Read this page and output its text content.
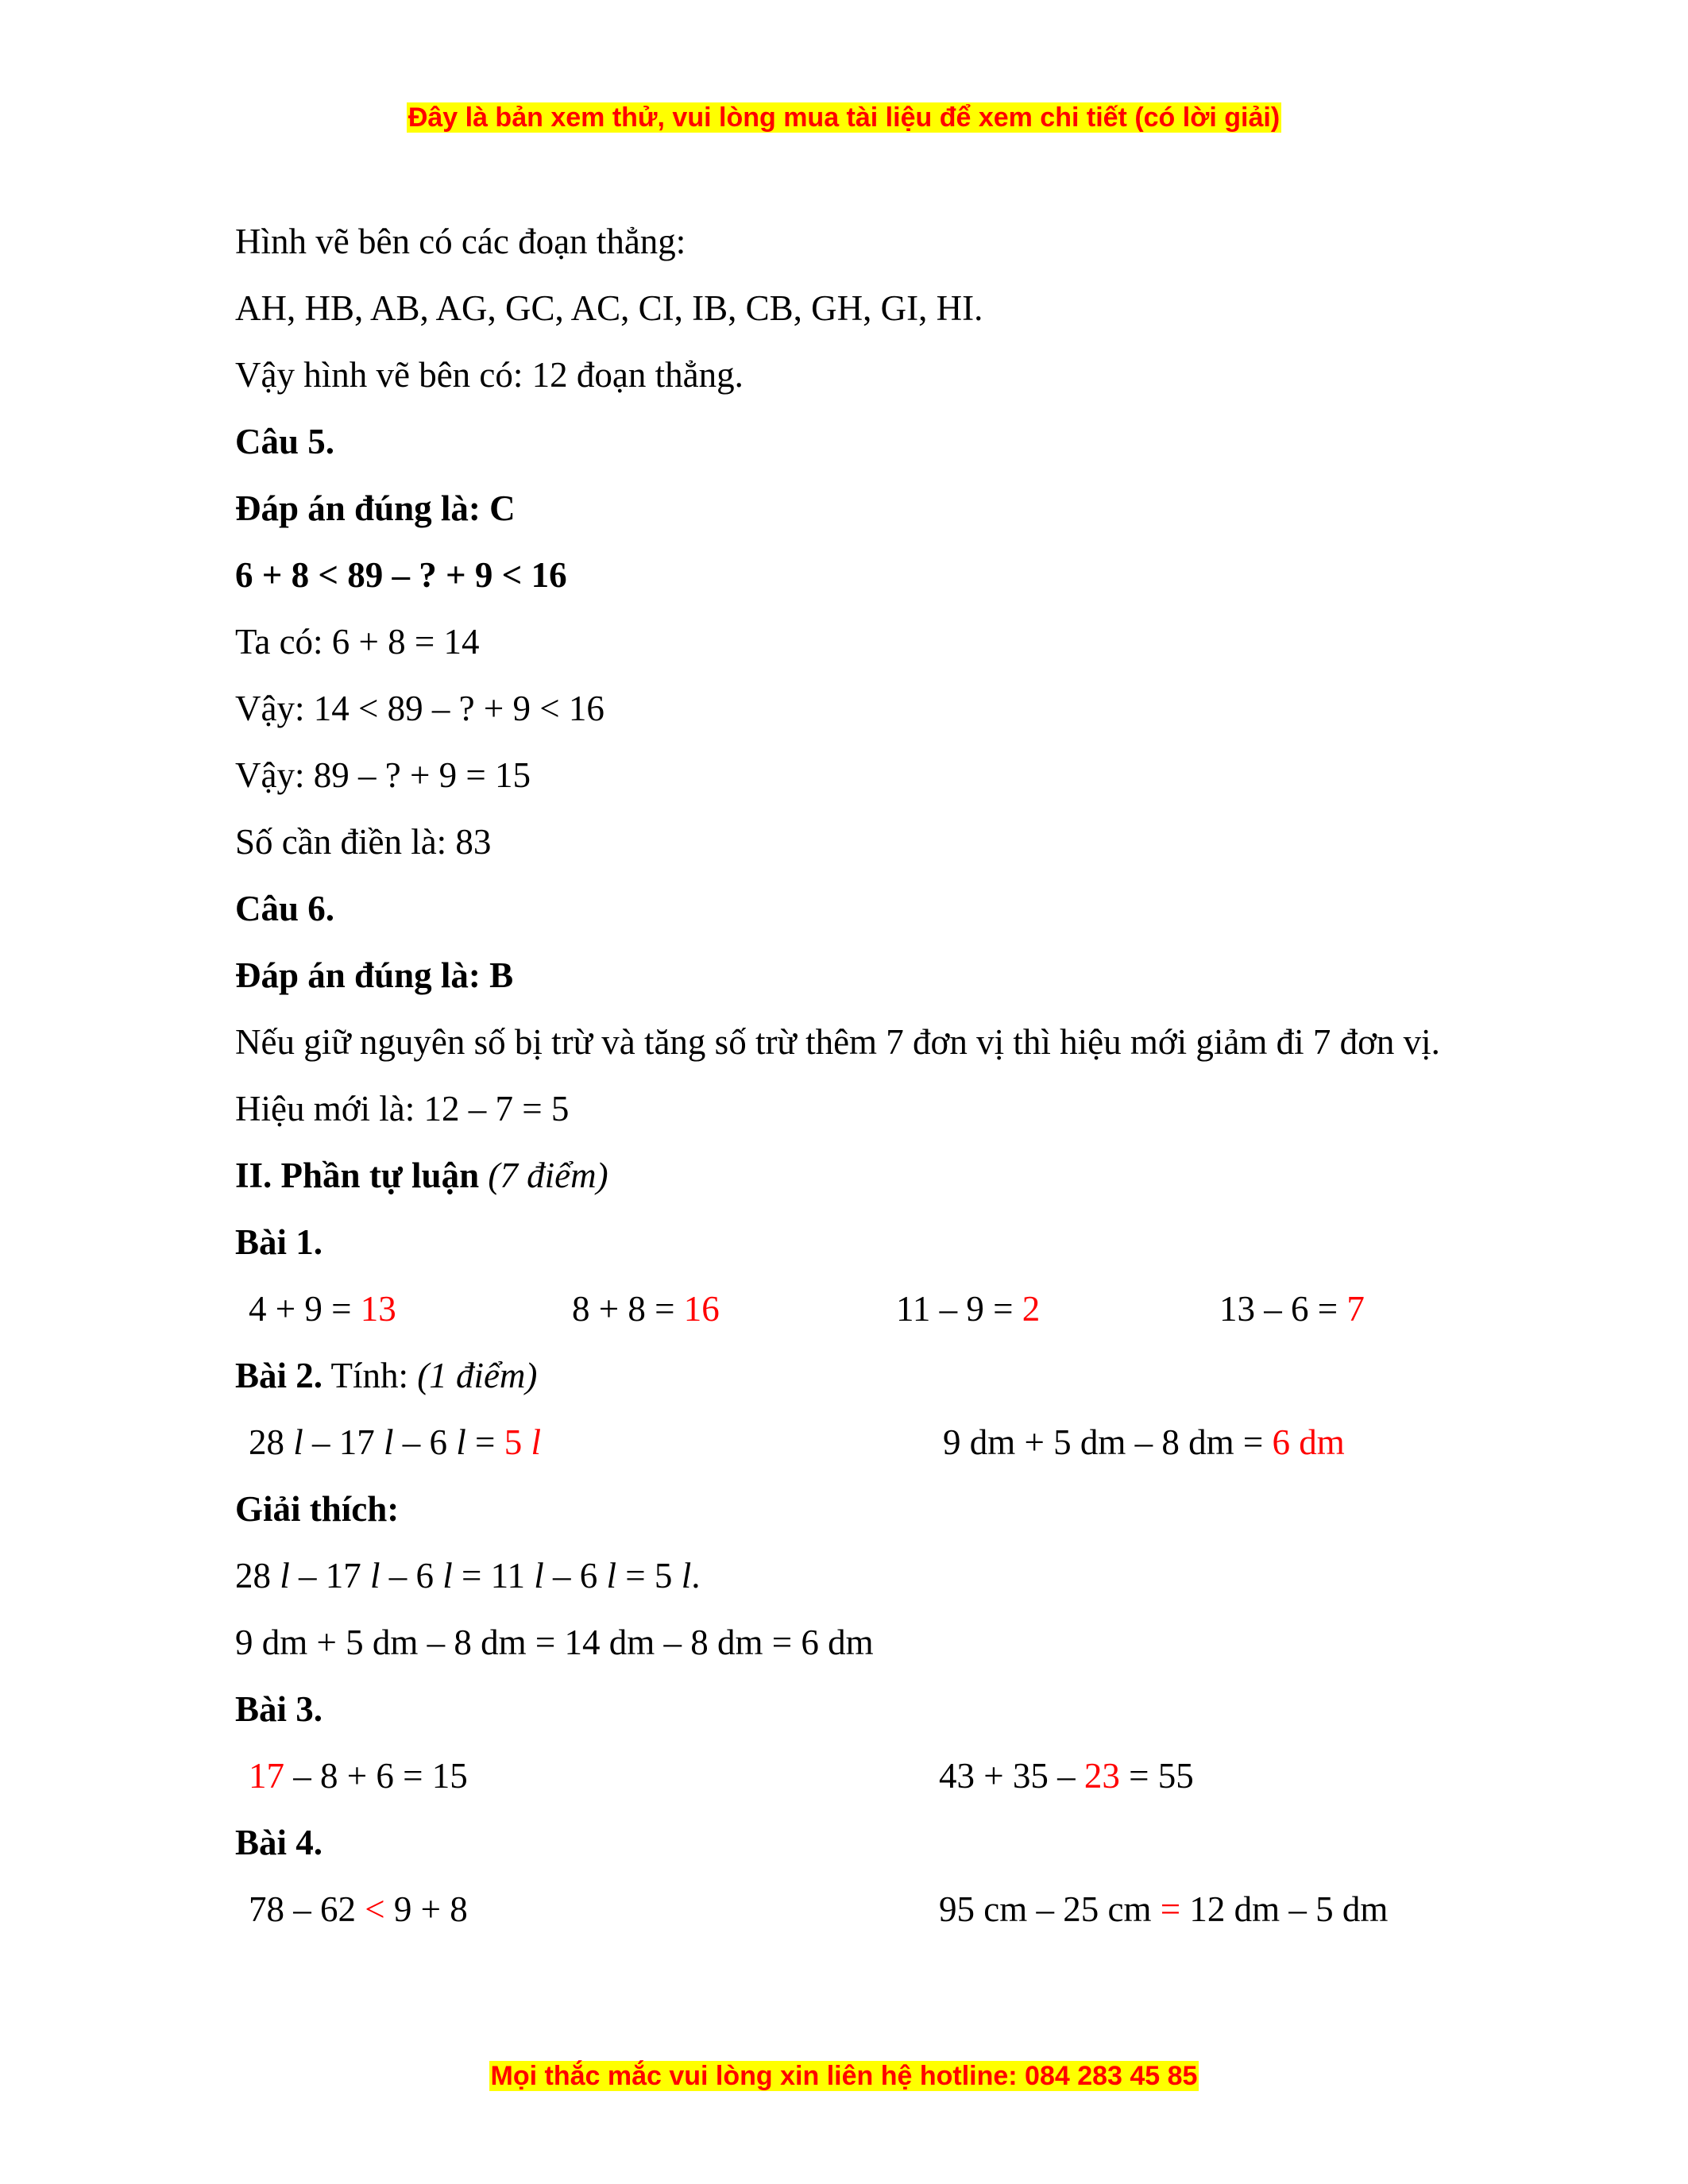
Đây là bản xem thử, vui lòng mua tài liệu để xem chi tiết (có lời giải)
Hình vẽ bên có các đoạn thẳng:
AH, HB, AB, AG, GC, AC, CI, IB, CB, GH, GI, HI.
Vậy hình vẽ bên có: 12 đoạn thẳng.
Câu 5.
Đáp án đúng là: C
6 + 8 < 89 – ? + 9 < 16
Ta có: 6 + 8 = 14
Vậy: 14 < 89 – ? + 9 < 16
Vậy: 89 – ? + 9 = 15
Số cần điền là: 83
Câu 6.
Đáp án đúng là: B
Nếu giữ nguyên số bị trừ và tăng số trừ thêm 7 đơn vị thì hiệu mới giảm đi 7 đơn vị.
Hiệu mới là: 12 – 7 = 5
II. Phần tự luận (7 điểm)
Bài 1.
4 + 9 = 13	8 + 8 = 16	11 – 9 = 2	13 – 6 = 7
Bài 2. Tính: (1 điểm)
28 l – 17 l – 6 l = 5 l	9 dm + 5 dm – 8 dm = 6 dm
Giải thích:
28 l – 17 l – 6 l = 11 l – 6 l = 5 l.
9 dm + 5 dm – 8 dm = 14 dm – 8 dm = 6 dm
Bài 3.
17 – 8 + 6 = 15	43 + 35 – 23 = 55
Bài 4.
78 – 62 < 9 + 8	95 cm – 25 cm = 12 dm – 5 dm
Mọi thắc mắc vui lòng xin liên hệ hotline: 084 283 45 85
